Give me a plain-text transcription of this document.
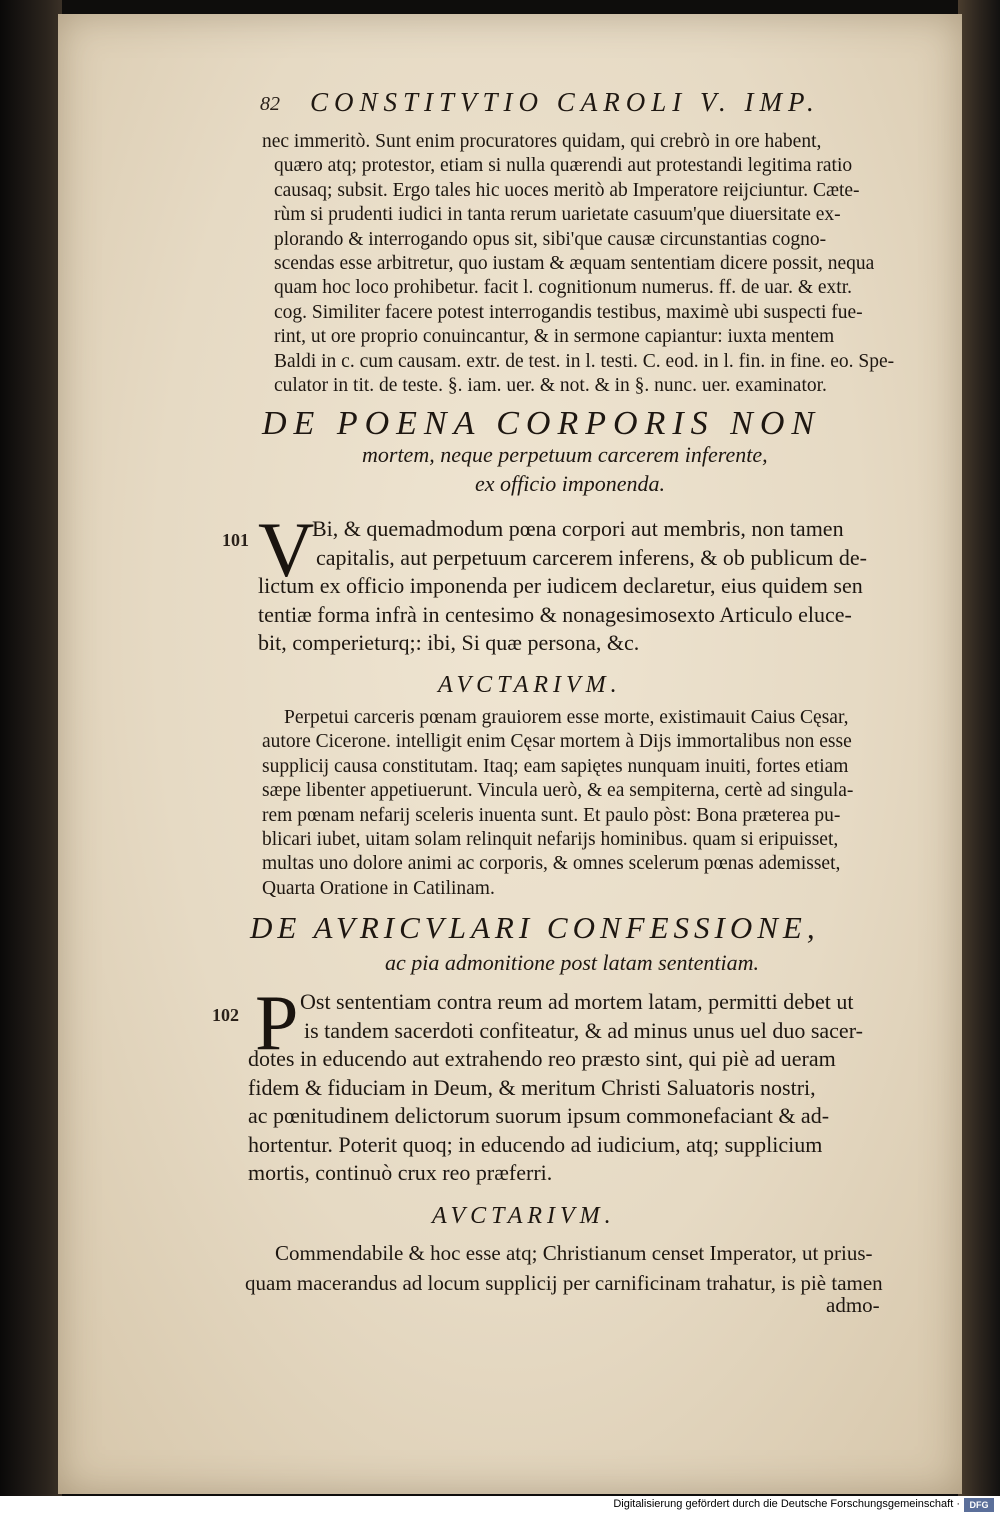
82 CONSTITVTIO CAROLI V. IMP.
nec immeritò. Sunt enim procuratores quidam, qui crebrò in ore habent,
quæro atq; protestor, etiam si nulla quærendi aut protestandi legitima ratio
causaq; subsit. Ergo tales hic uoces meritò ab Imperatore reijciuntur. Cæte-
rùm si prudenti iudici in tanta rerum uarietate casuum'que diuersitate ex-
plorando & interrogando opus sit, sibi'que causæ circunstantias cogno-
scendas esse arbitretur, quo iustam & æquam sententiam dicere possit, nequa
quam hoc loco prohibetur. facit l. cognitionum numerus. ff. de uar. & extr.
cog. Similiter facere potest interrogandis testibus, maximè ubi suspecti fue-
rint, ut ore proprio conuincantur, & in sermone capiantur: iuxta mentem
Baldi in c. cum causam. extr. de test. in l. testi. C. eod. in l. fin. in fine. eo. Spe-
culator in tit. de teste. §. iam. uer. & not. & in §. nunc. uer. examinator.
DE POENA CORPORIS NON
mortem, neque perpetuum carcerem inferente,
ex officio imponenda.
101 V
Bi, & quemadmodum pœna corpori aut membris, non tamen
capitalis, aut perpetuum carcerem inferens, & ob publicum de-
lictum ex officio imponenda per iudicem declaretur, eius quidem sen
tentiæ forma infrà in centesimo & nonagesimosexto Articulo elucе-
bit, comperieturq;: ibi, Si quæ persona, &c.
AVCTARIVM.
Perpetui carceris pœnam grauiorem esse morte, existimauit Caius Cęsar,
autore Cicerone. intelligit enim Cęsar mortem à Dijs immortalibus non esse
supplicij causa constitutam. Itaq; eam sapiętes nunquam inuiti, fortes etiam
sæpe libenter appetiuerunt. Vincula uerò, & ea sempiterna, certè ad singula-
rem pœnam nefarij sceleris inuenta sunt. Et paulo pòst: Bona præterea pu-
blicari iubet, uitam solam relinquit nefarijs hominibus. quam si eripuisset,
multas uno dolore animi ac corporis, & omnes scelerum pœnas ademisset,
Quarta Oratione in Catilinam.
DE AVRICVLARI CONFESSIONE,
ac pia admonitione post latam sententiam.
102 P Ost sententiam contra reum ad mortem latam, permitti debet ut
is tandem sacerdoti confiteatur, & ad minus unus uel duo sacer-
dotes in educendo aut extrahendo reo præsto sint, qui piè ad ueram
fidem & fiduciam in Deum, & meritum Christi Saluatoris nostri,
ac pœnitudinem delictorum suorum ipsum commonefaciant & ad-
hortentur. Poterit quoq; in educendo ad iudicium, atq; supplicium
mortis, continuò crux reo præferri.
AVCTARIVM.
Commendabile & hoc esse atq; Christianum censet Imperator, ut prius-
quam macerandus ad locum supplicij per carnificinam trahatur, is piè tamen
admo-
Digitalisierung gefördert durch die Deutsche Forschungsgemeinschaft ·	DFG
